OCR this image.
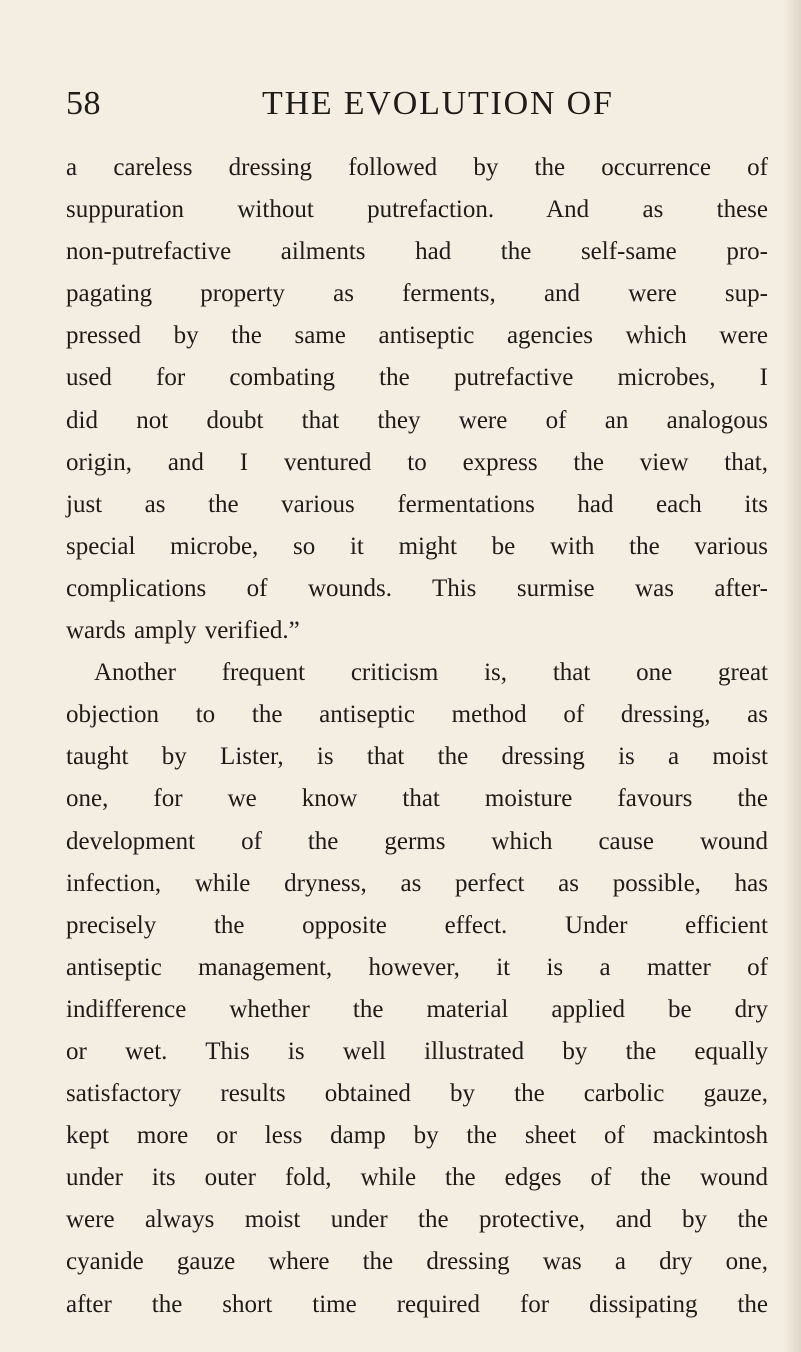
58	THE EVOLUTION OF
a careless dressing followed by the occurrence of
suppuration without putrefaction. And as these
non-putrefactive ailments had the self-same pro-
pagating property as ferments, and were sup-
pressed by the same antiseptic agencies which were
used for combating the putrefactive microbes, I
did not doubt that they were of an analogous
origin, and I ventured to express the view that,
just as the various fermentations had each its
special microbe, so it might be with the various
complications of wounds. This surmise was after-
wards amply verified.”
Another frequent criticism is, that one great
objection to the antiseptic method of dressing, as
taught by Lister, is that the dressing is a moist
one, for we know that moisture favours the
development of the germs which cause wound
infection, while dryness, as perfect as possible, has
precisely the opposite effect. Under efficient
antiseptic management, however, it is a matter of
indifference whether the material applied be dry
or wet. This is well illustrated by the equally
satisfactory results obtained by the carbolic gauze,
kept more or less damp by the sheet of mackintosh
under its outer fold, while the edges of the wound
were always moist under the protective, and by the
cyanide gauze where the dressing was a dry one,
after the short time required for dissipating the
